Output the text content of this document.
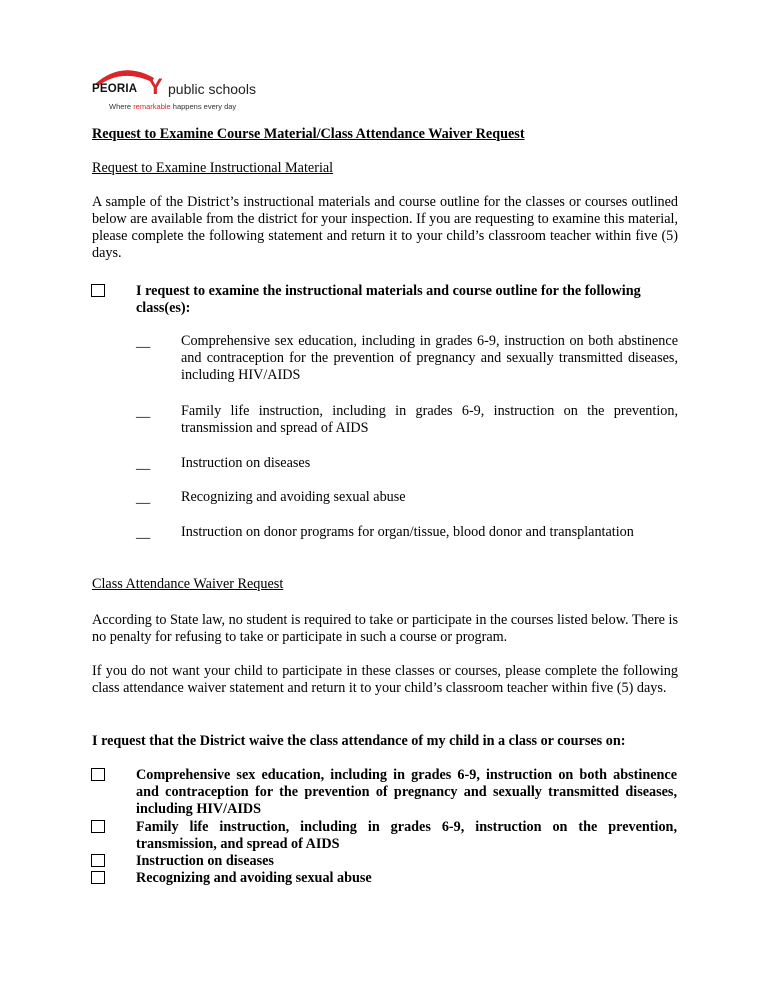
PEORIA Y public schools
Where remarkable happens every day
Request to Examine Course Material/Class Attendance Waiver Request
Request to Examine Instructional Material
A sample of the District’s instructional materials and course outline for the classes or courses outlined below are available from the district for your inspection. If you are requesting to examine this material, please complete the following statement and return it to your child’s classroom teacher within five (5) days.
I request to examine the instructional materials and course outline for the following class(es):
__ Comprehensive sex education, including in grades 6-9, instruction on both abstinence and contraception for the prevention of pregnancy and sexually transmitted diseases, including HIV/AIDS
__ Family life instruction, including in grades 6-9, instruction on the prevention, transmission and spread of AIDS
__ Instruction on diseases
__ Recognizing and avoiding sexual abuse
__ Instruction on donor programs for organ/tissue, blood donor and transplantation
Class Attendance Waiver Request
According to State law, no student is required to take or participate in the courses listed below. There is no penalty for refusing to take or participate in such a course or program.
If you do not want your child to participate in these classes or courses, please complete the following class attendance waiver statement and return it to your child’s classroom teacher within five (5) days.
I request that the District waive the class attendance of my child in a class or courses on:
Comprehensive sex education, including in grades 6-9, instruction on both abstinence and contraception for the prevention of pregnancy and sexually transmitted diseases, including HIV/AIDS
Family life instruction, including in grades 6-9, instruction on the prevention, transmission, and spread of AIDS
Instruction on diseases
Recognizing and avoiding sexual abuse
